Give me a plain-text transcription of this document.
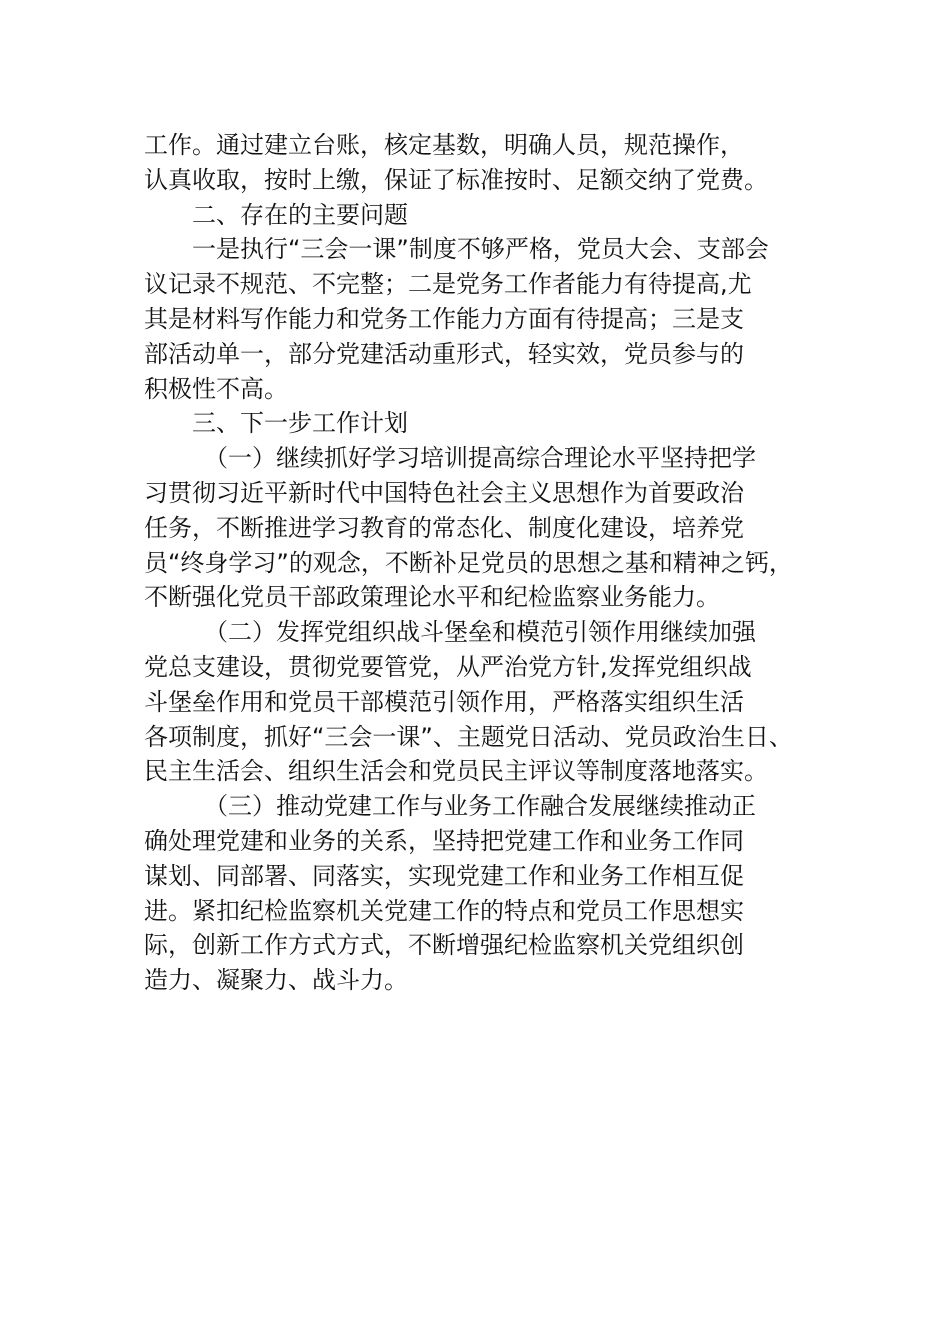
工作。通过建立台账，核定基数，明确人员，规范操作，
认真收取，按时上缴，保证了标准按时、足额交纳了党费。
二、存在的主要问题
一是执行“三会一课”制度不够严格，党员大会、支部会
议记录不规范、不完整；二是党务工作者能力有待提高,尤
其是材料写作能力和党务工作能力方面有待提高；三是支
部活动单一，部分党建活动重形式，轻实效，党员参与的
积极性不高。
三、下一步工作计划
（一）继续抓好学习培训提高综合理论水平坚持把学
习贯彻习近平新时代中国特色社会主义思想作为首要政治
任务，不断推进学习教育的常态化、制度化建设，培养党
员“终身学习”的观念，不断补足党员的思想之基和精神之钙，
不断强化党员干部政策理论水平和纪检监察业务能力。
（二）发挥党组织战斗堡垒和模范引领作用继续加强
党总支建设，贯彻党要管党，从严治党方针,发挥党组织战
斗堡垒作用和党员干部模范引领作用，严格落实组织生活
各项制度，抓好“三会一课”、主题党日活动、党员政治生日、
民主生活会、组织生活会和党员民主评议等制度落地落实。
（三）推动党建工作与业务工作融合发展继续推动正
确处理党建和业务的关系，坚持把党建工作和业务工作同
谋划、同部署、同落实，实现党建工作和业务工作相互促
进。紧扣纪检监察机关党建工作的特点和党员工作思想实
际，创新工作方式方式，不断增强纪检监察机关党组织创
造力、凝聚力、战斗力。
